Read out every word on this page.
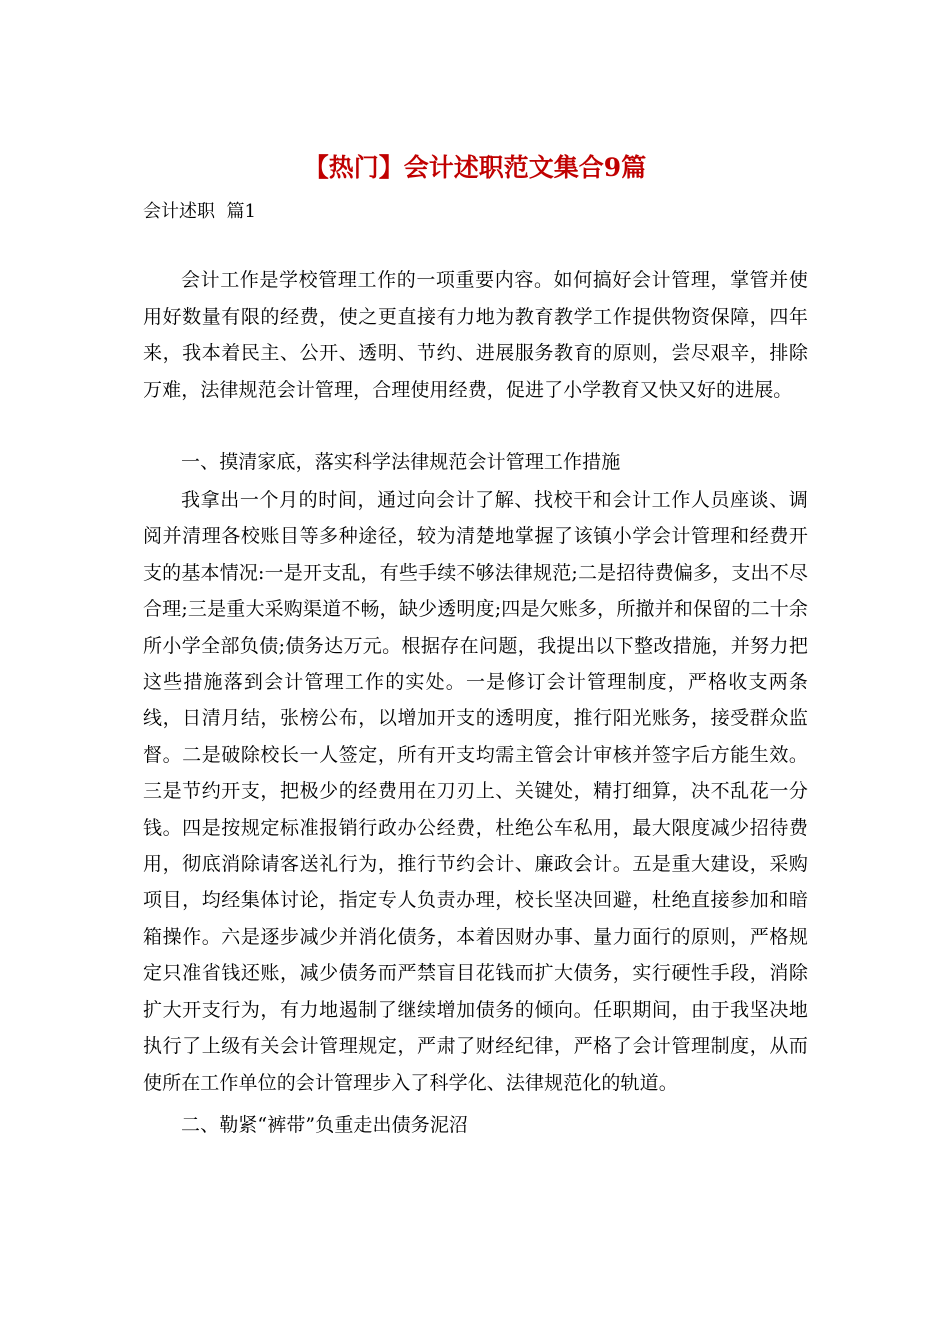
【热门】会计述职范文集合9篇

会计述职  篇1

会计工作是学校管理工作的一项重要内容。如何搞好会计管理，掌管并使用好数量有限的经费，使之更直接有力地为教育教学工作提供物资保障，四年来，我本着民主、公开、透明、节约、进展服务教育的原则，尝尽艰辛，排除万难，法律规范会计管理，合理使用经费，促进了小学教育又快又好的进展。

一、摸清家底，落实科学法律规范会计管理工作措施

我拿出一个月的时间，通过向会计了解、找校干和会计工作人员座谈、调阅并清理各校账目等多种途径，较为清楚地掌握了该镇小学会计管理和经费开支的基本情况:一是开支乱，有些手续不够法律规范;二是招待费偏多，支出不尽合理;三是重大采购渠道不畅，缺少透明度;四是欠账多，所撤并和保留的二十余所小学全部负债;债务达万元。根据存在问题，我提出以下整改措施，并努力把这些措施落到会计管理工作的实处。一是修订会计管理制度，严格收支两条线，日清月结，张榜公布，以增加开支的透明度，推行阳光账务，接受群众监督。二是破除校长一人签定，所有开支均需主管会计审核并签字后方能生效。三是节约开支，把极少的经费用在刀刃上、关键处，精打细算，决不乱花一分钱。四是按规定标准报销行政办公经费，杜绝公车私用，最大限度减少招待费用，彻底消除请客送礼行为，推行节约会计、廉政会计。五是重大建设，采购项目，均经集体讨论，指定专人负责办理，校长坚决回避，杜绝直接参加和暗箱操作。六是逐步减少并消化债务，本着因财办事、量力面行的原则，严格规定只准省钱还账，减少债务而严禁盲目花钱而扩大债务，实行硬性手段，消除扩大开支行为，有力地遏制了继续增加债务的倾向。任职期间，由于我坚决地执行了上级有关会计管理规定，严肃了财经纪律，严格了会计管理制度，从而使所在工作单位的会计管理步入了科学化、法律规范化的轨道。

二、勒紧“裤带”负重走出债务泥沼
